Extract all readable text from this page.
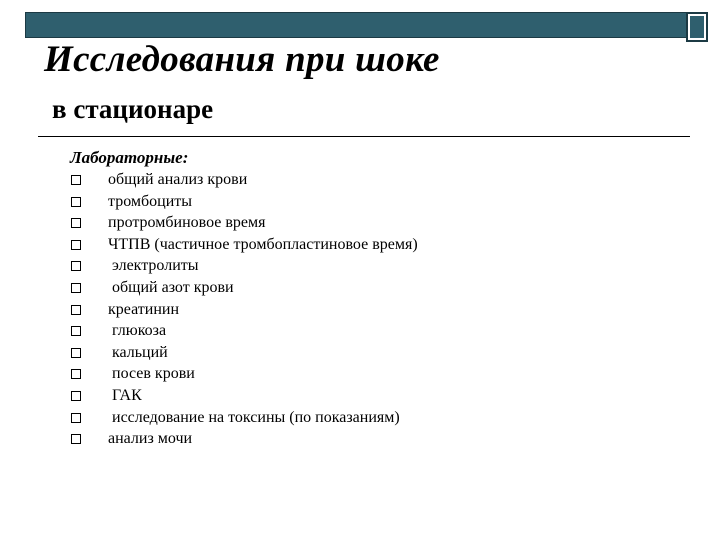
Исследования при шоке
в стационаре
Лабораторные:
общий анализ крови
тромбоциты
протромбиновое время
ЧТПВ (частичное тромбопластиновое время)
электролиты
общий азот крови
креатинин
глюкоза
кальций
посев крови
ГАК
исследование на токсины (по показаниям)
анализ мочи
